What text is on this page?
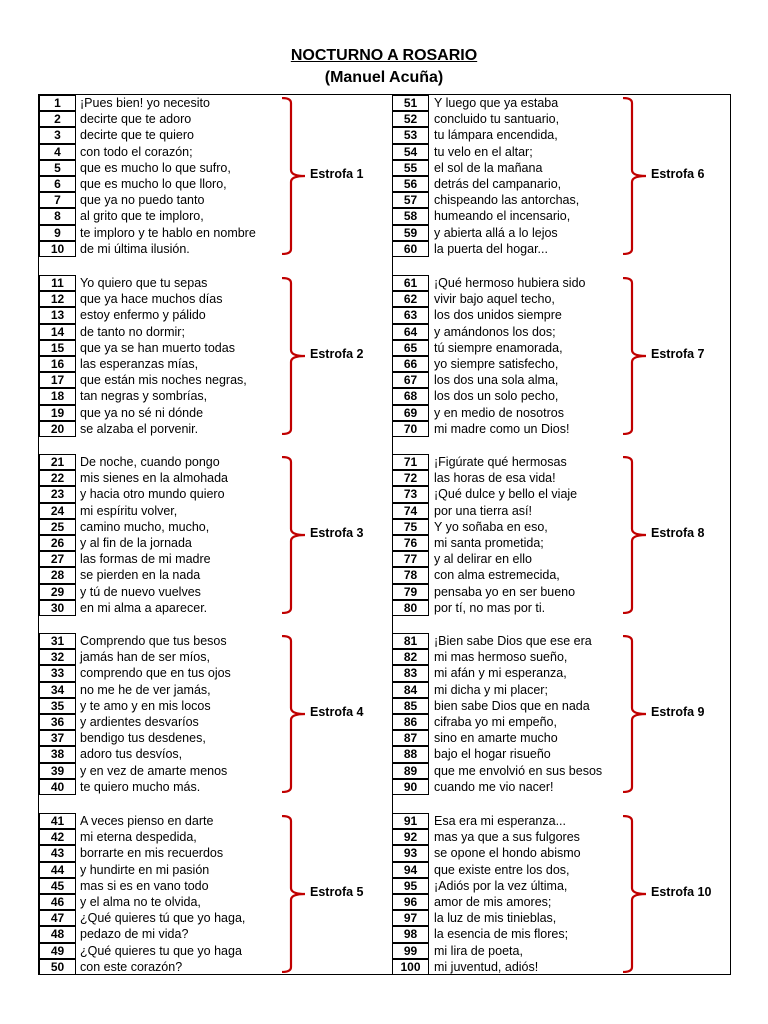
NOCTURNO A ROSARIO
(Manuel Acuña)
1	¡Pues bien! yo necesito
2	decirte que te adoro
3	decirte que te quiero
4	con todo el corazón;
5	que es mucho lo que sufro,
6	que es mucho lo que lloro,
7	que ya no puedo tanto
8	al grito que te imploro,
9	te imploro y te hablo en nombre
10	de mi última ilusión.
Estrofa 1
11	Yo quiero que tu sepas
12	que ya hace muchos días
13	estoy enfermo y pálido
14	de tanto no dormir;
15	que ya se han muerto todas
16	las esperanzas mías,
17	que están mis noches negras,
18	tan negras y sombrías,
19	que ya no sé ni dónde
20	se alzaba el porvenir.
Estrofa 2
21	De noche, cuando pongo
22	mis sienes en la almohada
23	y hacia otro mundo quiero
24	mi espíritu volver,
25	camino mucho, mucho,
26	y al fin de la jornada
27	las formas de mi madre
28	se pierden en la nada
29	y tú de nuevo vuelves
30	en mi alma a aparecer.
Estrofa 3
31	Comprendo que tus besos
32	jamás han de ser míos,
33	comprendo que en tus ojos
34	no me he de ver jamás,
35	y te amo y en mis locos
36	y ardientes desvaríos
37	bendigo tus desdenes,
38	adoro tus desvíos,
39	y en vez de amarte menos
40	te quiero mucho más.
Estrofa 4
41	A veces pienso en darte
42	mi eterna despedida,
43	borrarte en mis recuerdos
44	y hundirte en mi pasión
45	mas si es en vano todo
46	y el alma no te olvida,
47	¿Qué quieres tú que yo haga,
48	pedazo de mi vida?
49	¿Qué quieres tu que yo haga
50	con este corazón?
Estrofa 5
51	Y luego que ya estaba
52	concluido tu santuario,
53	tu lámpara encendida,
54	tu velo en el altar;
55	el sol de la mañana
56	detrás del campanario,
57	chispeando las antorchas,
58	humeando el incensario,
59	y abierta allá a lo lejos
60	la puerta del hogar...
Estrofa 6
61	¡Qué hermoso hubiera sido
62	vivir bajo aquel techo,
63	los dos unidos siempre
64	y amándonos los dos;
65	tú siempre enamorada,
66	yo siempre satisfecho,
67	los dos una sola alma,
68	los dos un solo pecho,
69	y en medio de nosotros
70	mi madre como un Dios!
Estrofa 7
71	¡Figúrate qué hermosas
72	las horas de esa vida!
73	¡Qué dulce y bello el viaje
74	por una tierra así!
75	Y yo soñaba en eso,
76	mi santa prometida;
77	y al delirar en ello
78	con alma estremecida,
79	pensaba yo en ser bueno
80	por tí, no mas por ti.
Estrofa 8
81	¡Bien sabe Dios que ese era
82	mi mas hermoso sueño,
83	mi afán y mi esperanza,
84	mi dicha y mi placer;
85	bien sabe Dios que en nada
86	cifraba yo mi empeño,
87	sino en amarte mucho
88	bajo el hogar risueño
89	que me envolvió en sus besos
90	cuando me vio nacer!
Estrofa 9
91	Esa era mi esperanza...
92	mas ya que a sus fulgores
93	se opone el hondo abismo
94	que existe entre los dos,
95	¡Adiós por la vez última,
96	amor de mis amores;
97	la luz de mis tinieblas,
98	la esencia de mis flores;
99	mi lira de poeta,
100	mi juventud, adiós!
Estrofa 10
